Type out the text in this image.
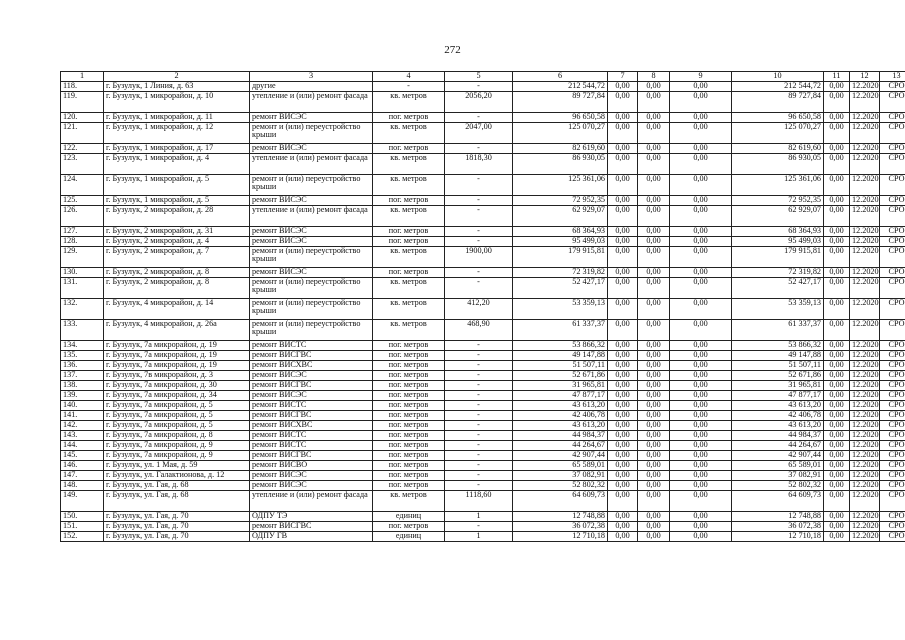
272
1	2	3	4	5	6	7	8	9	10	11	12	13
118.	г. Бузулук, 1 Линия, д. 63	другие	-	-	212 544,72	0,00	0,00	0,00	212 544,72	0,00	12.2020	СРО
119.	г. Бузулук, 1 микрорайон, д. 10	утепление и (или) ремонт фасада	кв. метров	2056,20	89 727,84	0,00	0,00	0,00	89 727,84	0,00	12.2020	СРО
120.	г. Бузулук, 1 микрорайон, д. 11	ремонт ВИСЭС	пог. метров	-	96 650,58	0,00	0,00	0,00	96 650,58	0,00	12.2020	СРО
121.	г. Бузулук, 1 микрорайон, д. 12	ремонт и (или) переустройство крыши	кв. метров	2047,00	125 070,27	0,00	0,00	0,00	125 070,27	0,00	12.2020	СРО
122.	г. Бузулук, 1 микрорайон, д. 17	ремонт ВИСЭС	пог. метров	-	82 619,60	0,00	0,00	0,00	82 619,60	0,00	12.2020	СРО
123.	г. Бузулук, 1 микрорайон, д. 4	утепление и (или) ремонт фасада	кв. метров	1818,30	86 930,05	0,00	0,00	0,00	86 930,05	0,00	12.2020	СРО
124.	г. Бузулук, 1 микрорайон, д. 5	ремонт и (или) переустройство крыши	кв. метров	-	125 361,06	0,00	0,00	0,00	125 361,06	0,00	12.2020	СРО
125.	г. Бузулук, 1 микрорайон, д. 5	ремонт ВИСЭС	пог. метров	-	72 952,35	0,00	0,00	0,00	72 952,35	0,00	12.2020	СРО
126.	г. Бузулук, 2 микрорайон, д. 28	утепление и (или) ремонт фасада	кв. метров	-	62 929,07	0,00	0,00	0,00	62 929,07	0,00	12.2020	СРО
127.	г. Бузулук, 2 микрорайон, д. 31	ремонт ВИСЭС	пог. метров	-	68 364,93	0,00	0,00	0,00	68 364,93	0,00	12.2020	СРО
128.	г. Бузулук, 2 микрорайон, д. 4	ремонт ВИСЭС	пог. метров	-	95 499,03	0,00	0,00	0,00	95 499,03	0,00	12.2020	СРО
129.	г. Бузулук, 2 микрорайон, д. 7	ремонт и (или) переустройство крыши	кв. метров	1900,00	179 915,81	0,00	0,00	0,00	179 915,81	0,00	12.2020	СРО
130.	г. Бузулук, 2 микрорайон, д. 8	ремонт ВИСЭС	пог. метров	-	72 319,82	0,00	0,00	0,00	72 319,82	0,00	12.2020	СРО
131.	г. Бузулук, 2 микрорайон, д. 8	ремонт и (или) переустройство крыши	кв. метров	-	52 427,17	0,00	0,00	0,00	52 427,17	0,00	12.2020	СРО
132.	г. Бузулук, 4 микрорайон, д. 14	ремонт и (или) переустройство крыши	кв. метров	412,20	53 359,13	0,00	0,00	0,00	53 359,13	0,00	12.2020	СРО
133.	г. Бузулук, 4 микрорайон, д. 26а	ремонт и (или) переустройство крыши	кв. метров	468,90	61 337,37	0,00	0,00	0,00	61 337,37	0,00	12.2020	СРО
134.	г. Бузулук, 7а микрорайон, д. 19	ремонт ВИСТС	пог. метров	-	53 866,32	0,00	0,00	0,00	53 866,32	0,00	12.2020	СРО
135.	г. Бузулук, 7а микрорайон, д. 19	ремонт ВИСГВС	пог. метров	-	49 147,88	0,00	0,00	0,00	49 147,88	0,00	12.2020	СРО
136.	г. Бузулук, 7а микрорайон, д. 19	ремонт ВИСХВС	пог. метров	-	51 507,11	0,00	0,00	0,00	51 507,11	0,00	12.2020	СРО
137.	г. Бузулук, 7в микрорайон, д. 3	ремонт ВИСЭС	пог. метров	-	52 671,86	0,00	0,00	0,00	52 671,86	0,00	12.2020	СРО
138.	г. Бузулук, 7а микрорайон, д. 30	ремонт ВИСГВС	пог. метров	-	31 965,81	0,00	0,00	0,00	31 965,81	0,00	12.2020	СРО
139.	г. Бузулук, 7а микрорайон, д. 34	ремонт ВИСЭС	пог. метров	-	47 877,17	0,00	0,00	0,00	47 877,17	0,00	12.2020	СРО
140.	г. Бузулук, 7а микрорайон, д. 5	ремонт ВИСТС	пог. метров	-	43 613,20	0,00	0,00	0,00	43 613,20	0,00	12.2020	СРО
141.	г. Бузулук, 7а микрорайон, д. 5	ремонт ВИСГВС	пог. метров	-	42 406,78	0,00	0,00	0,00	42 406,78	0,00	12.2020	СРО
142.	г. Бузулук, 7а микрорайон, д. 5	ремонт ВИСХВС	пог. метров	-	43 613,20	0,00	0,00	0,00	43 613,20	0,00	12.2020	СРО
143.	г. Бузулук, 7а микрорайон, д. 8	ремонт ВИСТС	пог. метров	-	44 984,37	0,00	0,00	0,00	44 984,37	0,00	12.2020	СРО
144.	г. Бузулук, 7а микрорайон, д. 9	ремонт ВИСТС	пог. метров	-	44 264,67	0,00	0,00	0,00	44 264,67	0,00	12.2020	СРО
145.	г. Бузулук, 7а микрорайон, д. 9	ремонт ВИСГВС	пог. метров	-	42 907,44	0,00	0,00	0,00	42 907,44	0,00	12.2020	СРО
146.	г. Бузулук, ул. 1 Мая, д. 59	ремонт ВИСВО	пог. метров	-	65 589,01	0,00	0,00	0,00	65 589,01	0,00	12.2020	СРО
147.	г. Бузулук, ул. Галактионова, д. 12	ремонт ВИСЭС	пог. метров	-	37 082,91	0,00	0,00	0,00	37 082,91	0,00	12.2020	СРО
148.	г. Бузулук, ул. Гая, д. 68	ремонт ВИСЭС	пог. метров	-	52 802,32	0,00	0,00	0,00	52 802,32	0,00	12.2020	СРО
149.	г. Бузулук, ул. Гая, д. 68	утепление и (или) ремонт фасада	кв. метров	1118,60	64 609,73	0,00	0,00	0,00	64 609,73	0,00	12.2020	СРО
150.	г. Бузулук, ул. Гая, д. 70	ОДПУ ТЭ	единиц	1	12 748,88	0,00	0,00	0,00	12 748,88	0,00	12.2020	СРО
151.	г. Бузулук, ул. Гая, д. 70	ремонт ВИСГВС	пог. метров	-	36 072,38	0,00	0,00	0,00	36 072,38	0,00	12.2020	СРО
152.	г. Бузулук, ул. Гая, д. 70	ОДПУ ГВ	единиц	1	12 710,18	0,00	0,00	0,00	12 710,18	0,00	12.2020	СРО
